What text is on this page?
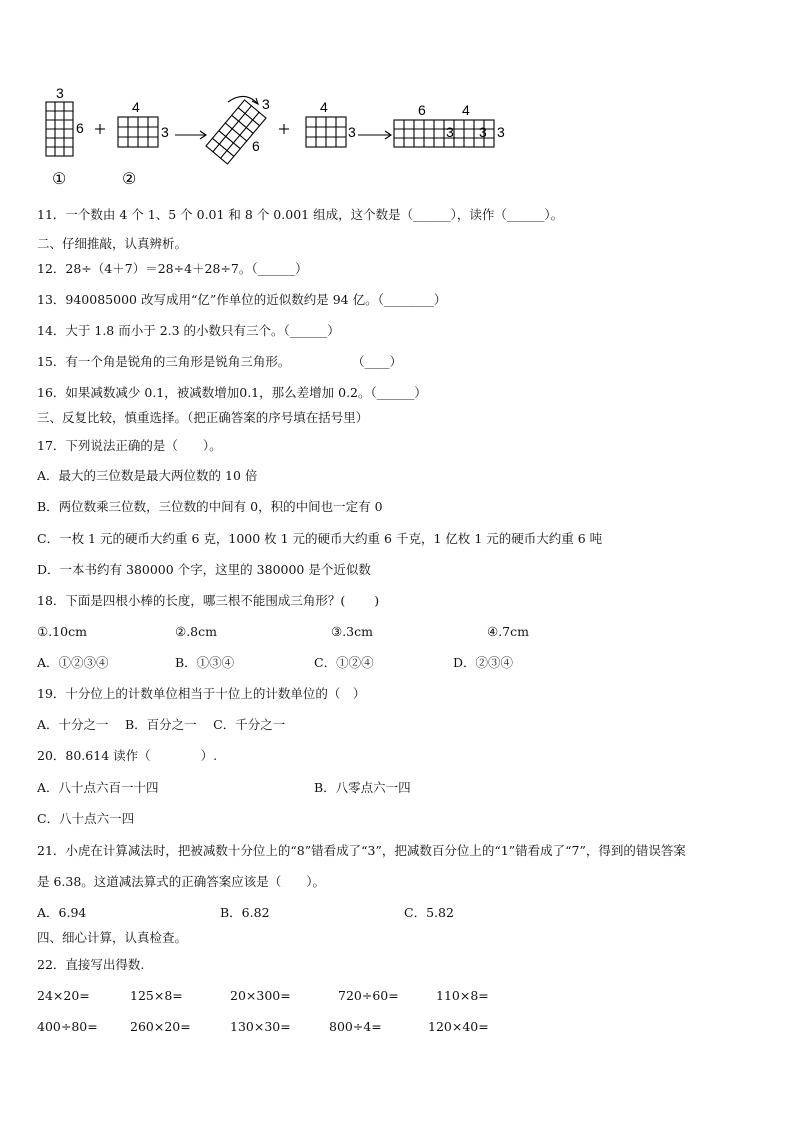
3
6
4
3
3
6
4
3
6	4
3 3 3
①	②
11．一个数由 4 个 1、5 个 0.01 和 8 个 0.001 组成，这个数是（______），读作（______）。
二、仔细推敲，认真辨析。
12．28÷（4＋7）＝28÷4＋28÷7。（______）
13．940085000 改写成用“亿”作单位的近似数约是 94 亿。（________）
14．大于 1.8 而小于 2.3 的小数只有三个。（______）
15．有一个角是锐角的三角形是锐角三角形。	（____）
16．如果减数减少 0.1，被减数增加0.1，那么差增加 0.2。（______）
三、反复比较，慎重选择。（把正确答案的序号填在括号里）
17．下列说法正确的是（　　）。
A．最大的三位数是最大两位数的 10 倍
B．两位数乘三位数，三位数的中间有 0，积的中间也一定有 0
C．一枚 1 元的硬币大约重 6 克，1000 枚 1 元的硬币大约重 6 千克，1 亿枚 1 元的硬币大约重 6 吨
D．一本书约有 380000 个字，这里的 380000 是个近似数
18．下面是四根小棒的长度，哪三根不能围成三角形？(　　 )
①.10cm	②.8cm	③.3cm	④.7cm
A．①②③④	B．①③④	C．①②④	D．②③④
19．十分位上的计数单位相当于十位上的计数单位的（　）
A．十分之一　 B．百分之一　 C．千分之一
20．80.614 读作（　　　　）.
A．八十点六百一十四	B．八零点六一四
C．八十点六一四
21．小虎在计算减法时，把被减数十分位上的“8”错看成了“3”，把减数百分位上的“1”错看成了“7”，得到的错误答案
是 6.38。这道减法算式的正确答案应该是（　　）。
A．6.94	B．6.82	C．5.82
四、细心计算，认真检查。
22．直接写出得数.
24×20=	125×8=	20×300=	720÷60=	110×8=
400÷80=	260×20=	130×30=	800÷4=	120×40=
